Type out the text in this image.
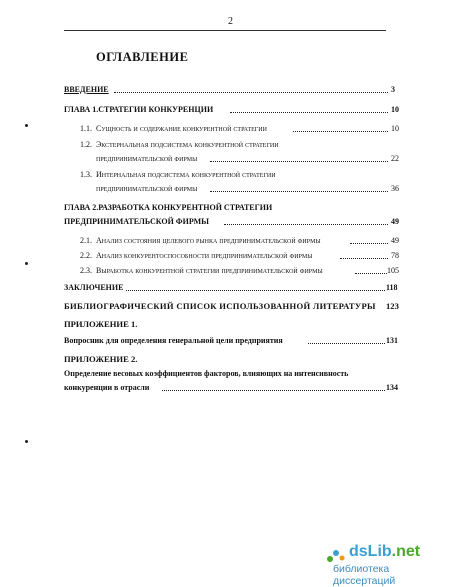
2
ОГЛАВЛЕНИЕ
ВВЕДЕНИЕ	3
ГЛАВА 1.СТРАТЕГИИ КОНКУРЕНЦИИ	10
1.1. Сущность и содержание конкурентной стратегии	10
1.2. Экстернальная подсистема конкурентной стратегии
предпринимательской фирмы	22
1.3. Интернальная подсистема конкурентной стратегии
предпринимательской фирмы	36
ГЛАВА 2.РАЗРАБОТКА КОНКУРЕНТНОЙ СТРАТЕГИИ
ПРЕДПРИНИМАТЕЛЬСКОЙ ФИРМЫ	49
2.1. Анализ состояния целевого рынка предпринимательской фирмы	49
2.2. Анализ конкурентоспособности предпринимательской фирмы	78
2.3. Выработка конкурентной стратегии предпринимательской фирмы	105
ЗАКЛЮЧЕНИЕ	118
БИБЛИОГРАФИЧЕСКИЙ СПИСОК ИСПОЛЬЗОВАННОЙ ЛИТЕРАТУРЫ 123
ПРИЛОЖЕНИЕ 1.
Вопросник для определения генеральной цели предприятия	131
ПРИЛОЖЕНИЕ 2.
Определение весовых коэффициентов факторов, влияющих на интенсивность
конкуренции в отрасли	134
dsLib.net
библиотека диссертаций
